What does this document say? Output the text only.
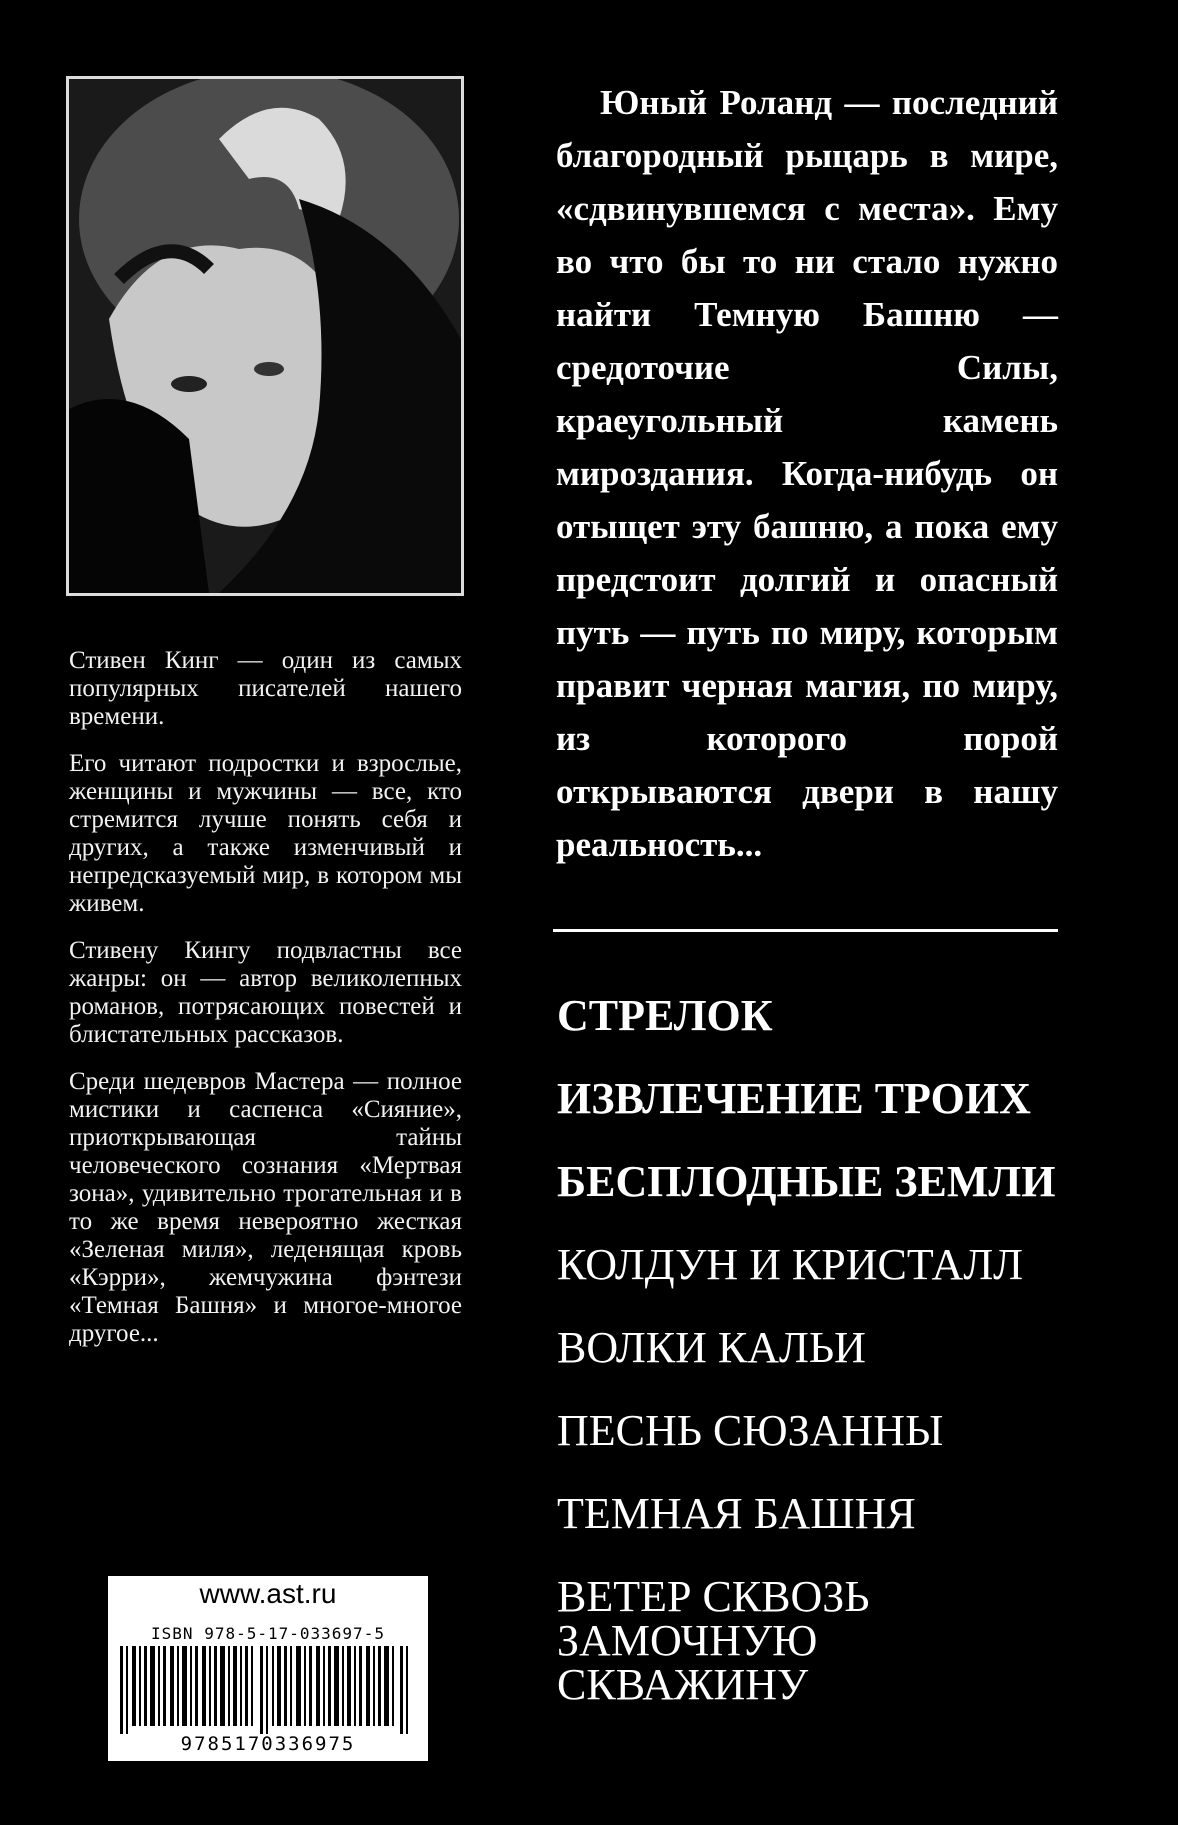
Стивен Кинг — один из самых популярных писателей нашего времени.

Его читают подростки и взрослые, женщины и мужчины — все, кто стремится лучше понять себя и других, а также изменчивый и непредсказуемый мир, в котором мы живем.

Стивену Кингу подвластны все жанры: он — автор великолепных романов, потрясающих повестей и блистательных рассказов.

Среди шедевров Мастера — полное мистики и саспенса «Сияние», приоткрывающая тайны человеческого сознания «Мертвая зона», удивительно трогательная и в то же время невероятно жесткая «Зеленая миля», леденящая кровь «Кэрри», жемчужина фэнтези «Темная Башня» и многое-многое другое...

Юный Роланд — последний благородный рыцарь в мире, «сдвинувшемся с места». Ему во что бы то ни стало нужно найти Темную Башню — средоточие Силы, краеугольный камень мироздания. Когда-нибудь он отыщет эту башню, а пока ему предстоит долгий и опасный путь — путь по миру, которым правит черная магия, по миру, из которого порой открываются двери в нашу реальность...

СТРЕЛОК
ИЗВЛЕЧЕНИЕ ТРОИХ
БЕСПЛОДНЫЕ ЗЕМЛИ
КОЛДУН И КРИСТАЛЛ
ВОЛКИ КАЛЬИ
ПЕСНЬ СЮЗАННЫ
ТЕМНАЯ БАШНЯ
ВЕТЕР СКВОЗЬ ЗАМОЧНУЮ СКВАЖИНУ
www.ast.ru
ISBN 978-5-17-033697-5
9785170336975
